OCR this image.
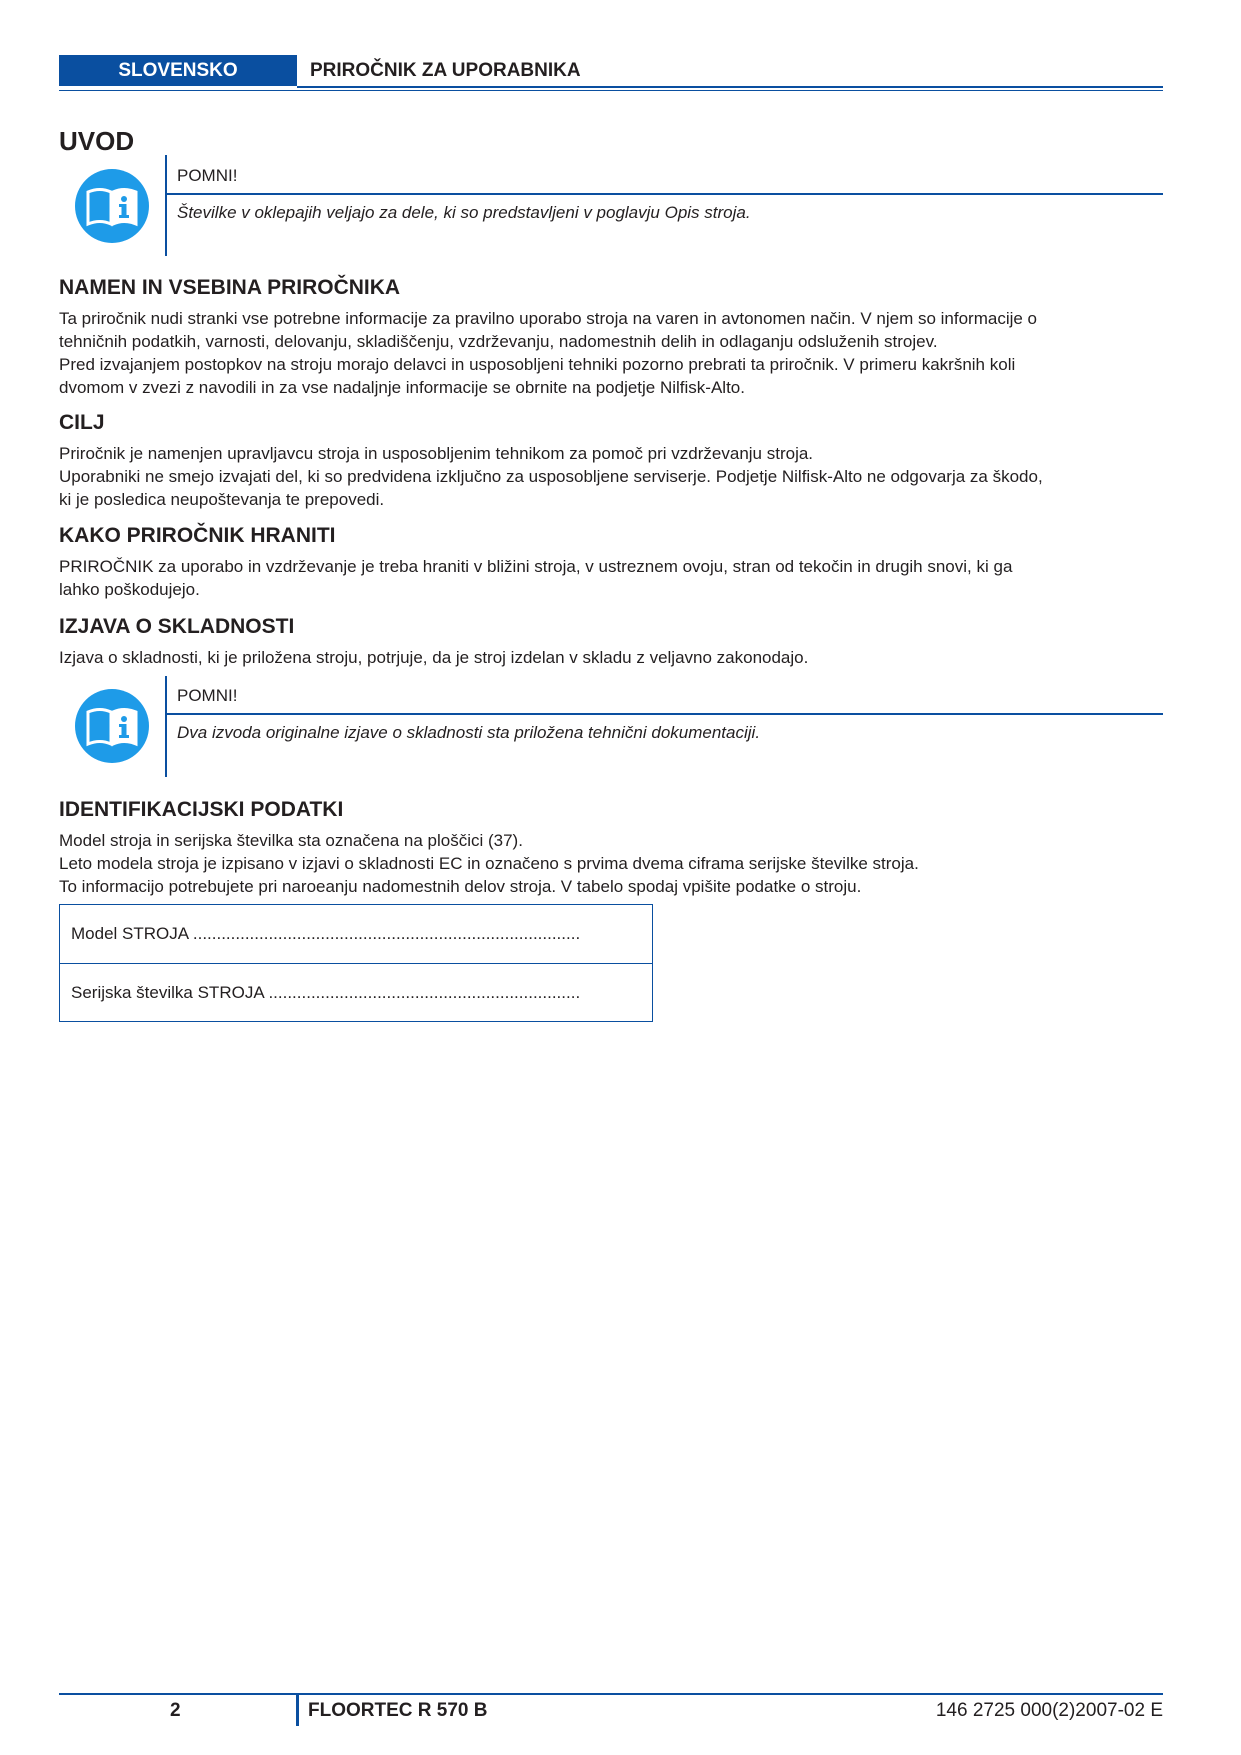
SLOVENSKO	PRIROČNIK ZA UPORABNIKA
UVOD
POMNI!
Številke v oklepajih veljajo za dele, ki so predstavljeni v poglavju Opis stroja.
NAMEN IN VSEBINA PRIROČNIKA
Ta priročnik nudi stranki vse potrebne informacije za pravilno uporabo stroja na varen in avtonomen način. V njem so informacije o
tehničnih podatkih, varnosti, delovanju, skladiščenju, vzdrževanju, nadomestnih delih in odlaganju odsluženih strojev.
Pred izvajanjem postopkov na stroju morajo delavci in usposobljeni tehniki pozorno prebrati ta priročnik. V primeru kakršnih koli
dvomom v zvezi z navodili in za vse nadaljnje informacije se obrnite na podjetje Nilfisk-Alto.
CILJ
Priročnik je namenjen upravljavcu stroja in usposobljenim tehnikom za pomoč pri vzdrževanju stroja.
Uporabniki ne smejo izvajati del, ki so predvidena izključno za usposobljene serviserje. Podjetje Nilfisk-Alto ne odgovarja za škodo,
ki je posledica neupoštevanja te prepovedi.
KAKO PRIROČNIK HRANITI
PRIROČNIK za uporabo in vzdrževanje je treba hraniti v bližini stroja, v ustreznem ovoju, stran od tekočin in drugih snovi, ki ga
lahko poškodujejo.
IZJAVA O SKLADNOSTI
Izjava o skladnosti, ki je priložena stroju, potrjuje, da je stroj izdelan v skladu z veljavno zakonodajo.
POMNI!
Dva izvoda originalne izjave o skladnosti sta priložena tehnični dokumentaciji.
IDENTIFIKACIJSKI PODATKI
Model stroja in serijska številka sta označena na ploščici (37).
Leto modela stroja je izpisano v izjavi o skladnosti EC in označeno s prvima dvema ciframa serijske številke stroja.
To informacijo potrebujete pri naroeanju nadomestnih delov stroja. V tabelo spodaj vpišite podatke o stroju.
Model STROJA ..................................................................................
Serijska številka STROJA ..................................................................
2	FLOORTEC R 570 B	146 2725 000(2)2007-02 E
